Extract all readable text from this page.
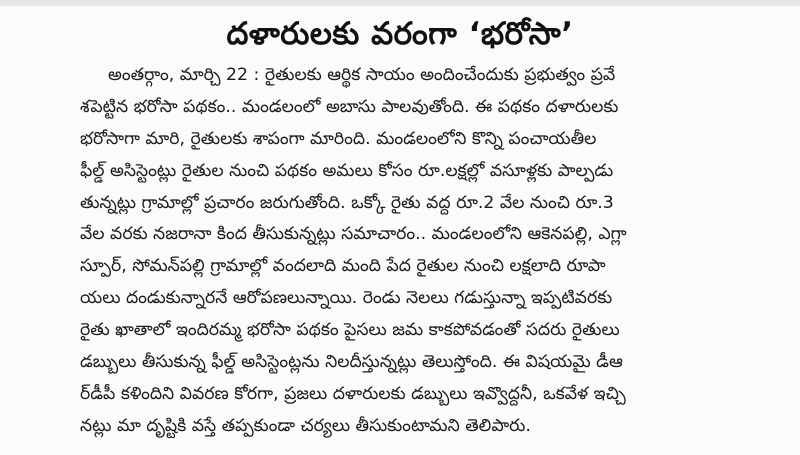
దళారులకు వరంగా ‘భరోసా’
అంతర్గాం, మార్చి 22 : రైతులకు ఆర్థిక సాయం అందించేందుకు ప్రభుత్వం ప్రవే
శపెట్టిన భరోసా పథకం.. మండలంలో అబాసు పాలవుతోంది. ఈ పథకం దళారులకు
భరోసాగా మారి, రైతులకు శాపంగా మారింది. మండలంలోని కొన్ని పంచాయతీల
ఫీల్డ్ అసిస్టెంట్లు రైతుల నుంచి పథకం అమలు కోసం రూ.లక్షల్లో వసూళ్లకు పాల్పడు
తున్నట్లు గ్రామాల్లో ప్రచారం జరుగుతోంది. ఒక్కో రైతు వద్ద రూ.2 వేల నుంచి రూ.3
వేల వరకు నజరానా కింద తీసుకున్నట్లు సమాచారం.. మండలంలోని ఆకెనపల్లి, ఎగ్లా
స్పూర్, సోమన్‌పల్లి గ్రామాల్లో వందలాది మంది పేద రైతుల నుంచి లక్షలాది రూపా
యలు దండుకున్నారనే ఆరోపణలున్నాయి. రెండు నెలలు గడుస్తున్నా ఇప్పటివరకు
రైతు ఖాతాలో ఇందిరమ్మ భరోసా పథకం పైసలు జమ కాకపోవడంతో సదరు రైతులు
డబ్బులు తీసుకున్న ఫీల్డ్ అసిస్టెంట్లను నిలదీస్తున్నట్లు తెలుస్తోంది. ఈ విషయమై డీఆ
ర్‌డీపీ కళిందిని వివరణ కోరగా, ప్రజలు దళారులకు డబ్బులు ఇవ్వొద్దనీ, ఒకవేళ ఇచ్చి
నట్లు మా దృష్టికి వస్తే తప్పకుండా చర్యలు తీసుకుంటామని తెలిపారు.
